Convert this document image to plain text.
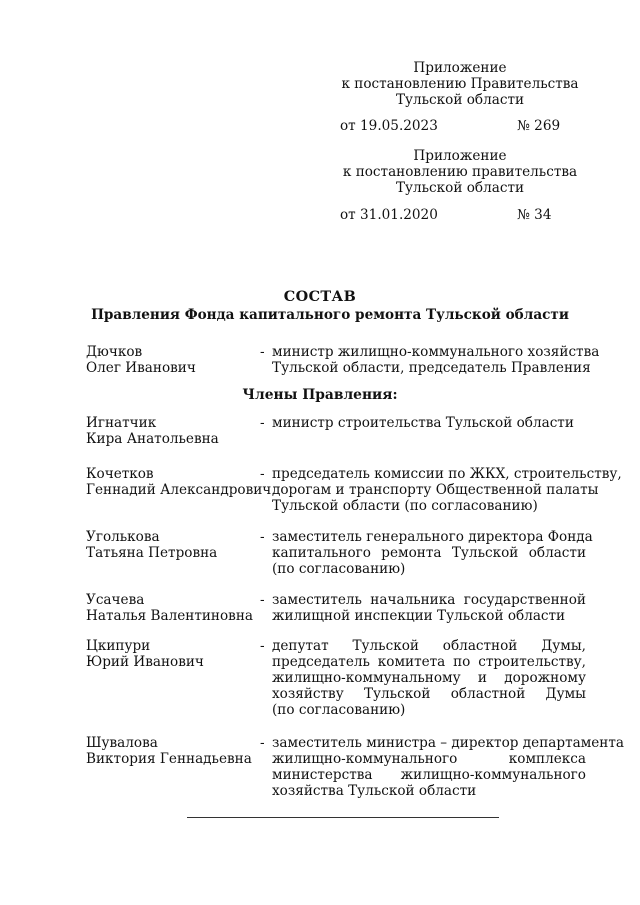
Приложение
к постановлению Правительства
Тульской области
от 19.05.2023	№ 269
Приложение
к постановлению правительства
Тульской области
от 31.01.2020	№ 34
СОСТАВ
Правления Фонда капитального ремонта Тульской области
Дючков
Олег Иванович
- министр жилищно-коммунального хозяйства
Тульской области, председатель Правления
Члены Правления:
Игнатчик
Кира Анатольевна
- министр строительства Тульской области
Кочетков
Геннадий Александрович
- председатель комиссии по ЖКХ, строительству,
дорогам и транспорту Общественной палаты
Тульской области (по согласованию)
Уголькова
Татьяна Петровна
- заместитель генерального директора Фонда
капитального ремонта Тульской области
(по согласованию)
Усачева
Наталья Валентиновна
- заместитель начальника государственной
жилищной инспекции Тульской области
Цкипури
Юрий Иванович
- депутат Тульской областной Думы,
председатель комитета по строительству,
жилищно-коммунальному и дорожному
хозяйству Тульской областной Думы
(по согласованию)
Шувалова
Виктория Геннадьевна
- заместитель министра – директор департамента
жилищно-коммунального комплекса
министерства жилищно-коммунального
хозяйства Тульской области
